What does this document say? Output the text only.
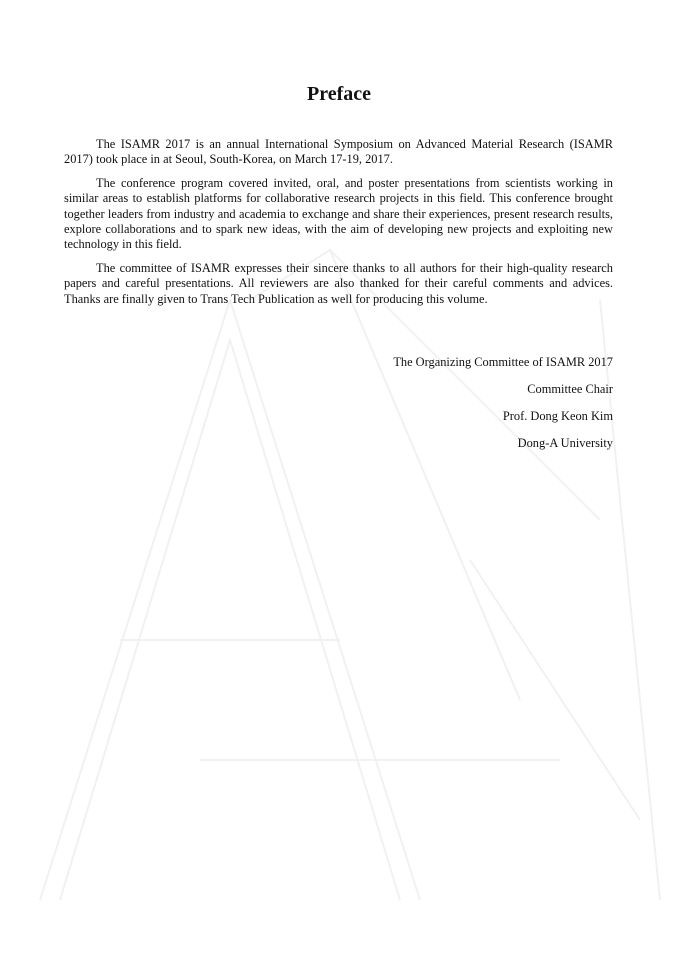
Preface

The ISAMR 2017 is an annual International Symposium on Advanced Material Research (ISAMR 2017) took place in at Seoul, South-Korea, on March 17-19, 2017.

The conference program covered invited, oral, and poster presentations from scientists working in similar areas to establish platforms for collaborative research projects in this field. This conference brought together leaders from industry and academia to exchange and share their experiences, present research results, explore collaborations and to spark new ideas, with the aim of developing new projects and exploiting new technology in this field.

The committee of ISAMR expresses their sincere thanks to all authors for their high-quality research papers and careful presentations. All reviewers are also thanked for their careful comments and advices. Thanks are finally given to Trans Tech Publication as well for producing this volume.

The Organizing Committee of ISAMR 2017

Committee Chair

Prof. Dong Keon Kim

Dong-A University
